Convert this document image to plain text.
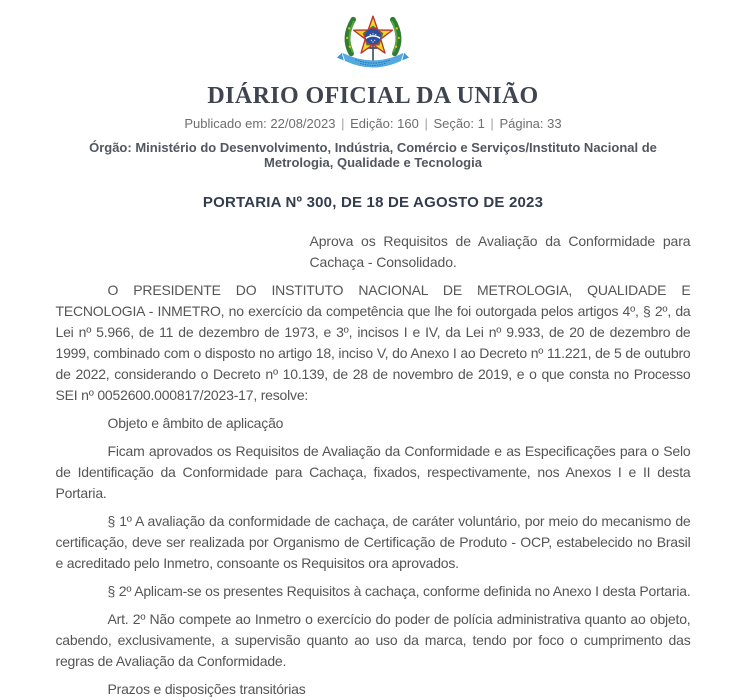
DIÁRIO OFICIAL DA UNIÃO
Publicado em: 22/08/2023 | Edição: 160 | Seção: 1 | Página: 33
Órgão: Ministério do Desenvolvimento, Indústria, Comércio e Serviços/Instituto Nacional de Metrologia, Qualidade e Tecnologia
PORTARIA Nº 300, DE 18 DE AGOSTO DE 2023

Aprova os Requisitos de Avaliação da Conformidade para Cachaça - Consolidado.

O PRESIDENTE DO INSTITUTO NACIONAL DE METROLOGIA, QUALIDADE E TECNOLOGIA - INMETRO, no exercício da competência que lhe foi outorgada pelos artigos 4º, § 2º, da Lei nº 5.966, de 11 de dezembro de 1973, e 3º, incisos I e IV, da Lei nº 9.933, de 20 de dezembro de 1999, combinado com o disposto no artigo 18, inciso V, do Anexo I ao Decreto nº 11.221, de 5 de outubro de 2022, considerando o Decreto nº 10.139, de 28 de novembro de 2019, e o que consta no Processo SEI nº 0052600.000817/2023-17, resolve:

Objeto e âmbito de aplicação

Ficam aprovados os Requisitos de Avaliação da Conformidade e as Especificações para o Selo de Identificação da Conformidade para Cachaça, fixados, respectivamente, nos Anexos I e II desta Portaria.

§ 1º A avaliação da conformidade de cachaça, de caráter voluntário, por meio do mecanismo de certificação, deve ser realizada por Organismo de Certificação de Produto - OCP, estabelecido no Brasil e acreditado pelo Inmetro, consoante os Requisitos ora aprovados.

§ 2º Aplicam-se os presentes Requisitos à cachaça, conforme definida no Anexo I desta Portaria.

Art. 2º Não compete ao Inmetro o exercício do poder de polícia administrativa quanto ao objeto, cabendo, exclusivamente, a supervisão quanto ao uso da marca, tendo por foco o cumprimento das regras de Avaliação da Conformidade.

Prazos e disposições transitórias
